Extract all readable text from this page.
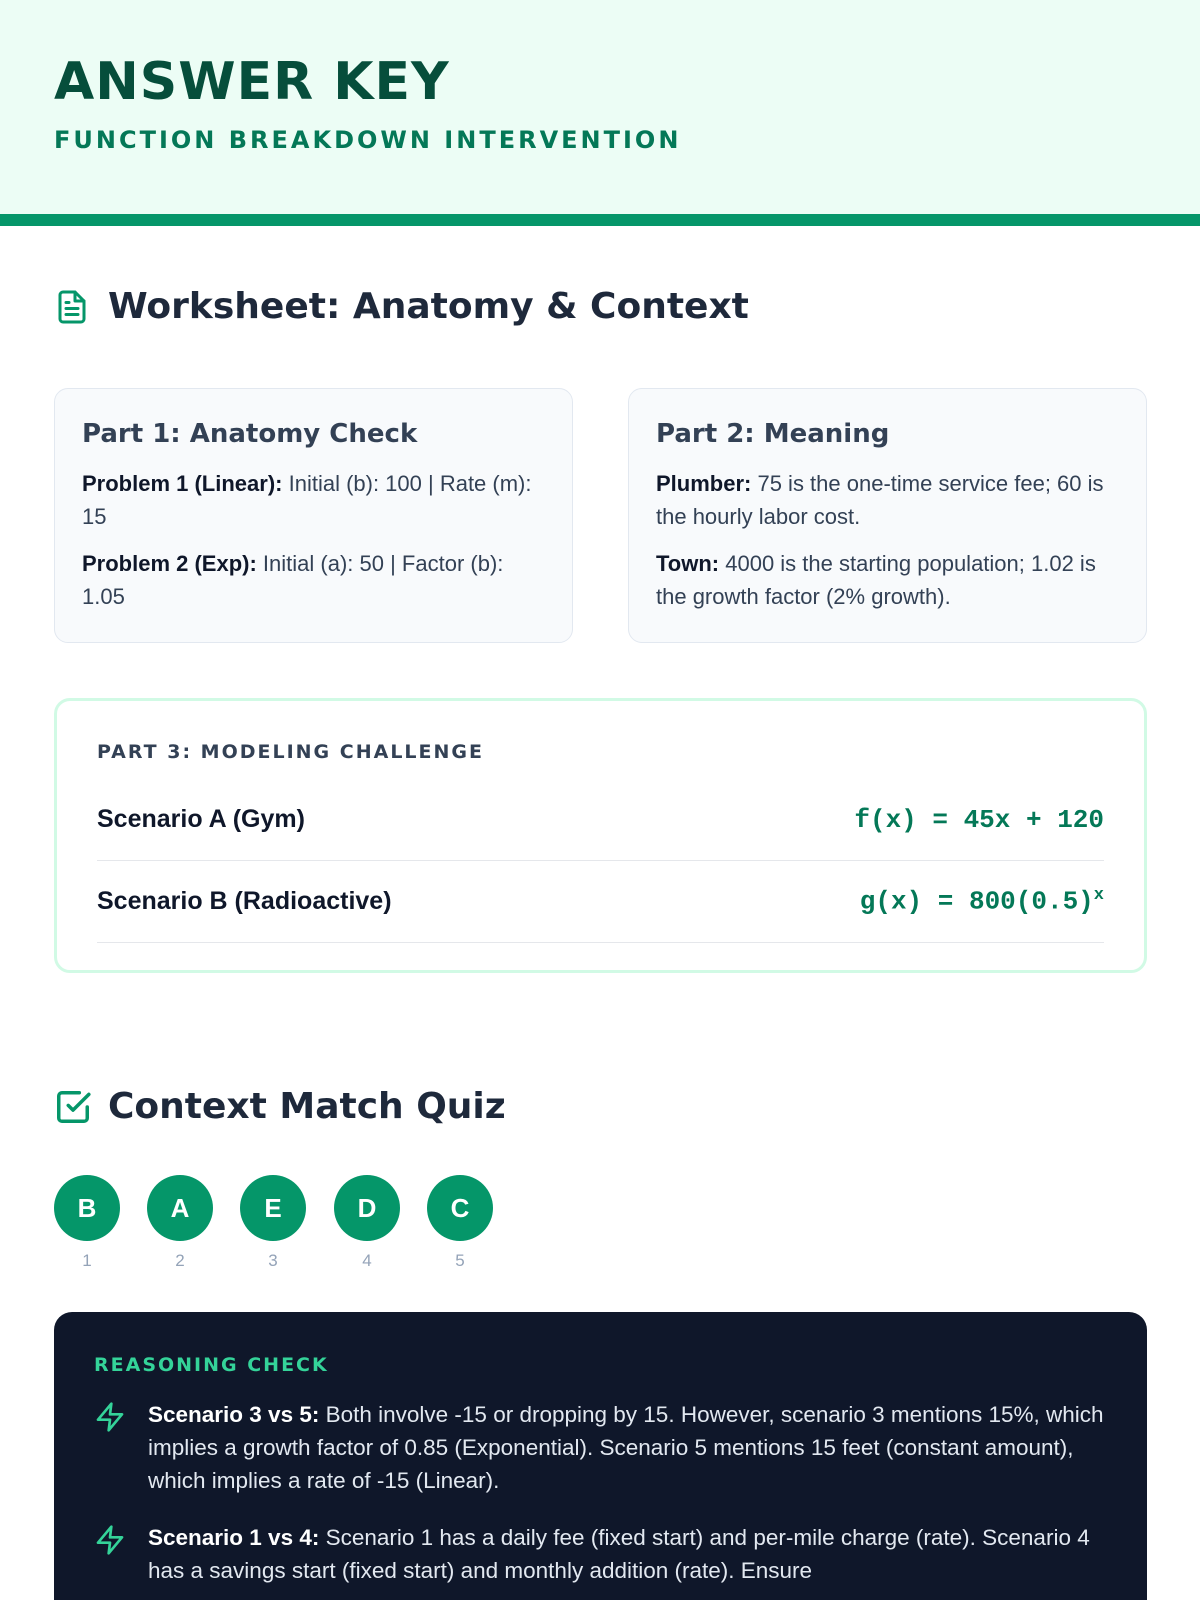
ANSWER KEY
FUNCTION BREAKDOWN INTERVENTION
Worksheet: Anatomy & Context
Part 1: Anatomy Check

Problem 1 (Linear): Initial (b): 100 | Rate (m): 15

Problem 2 (Exp): Initial (a): 50 | Factor (b): 1.05

Part 2: Meaning

Plumber: 75 is the one-time service fee; 60 is the hourly labor cost.

Town: 4000 is the starting population; 1.02 is the growth factor (2% growth).

PART 3: MODELING CHALLENGE
Scenario A (Gym)	f(x) = 45x + 120
Scenario B (Radioactive)	$g(x) = 800(0.5)^x$
Context Match Quiz
B
1
A
2
E
3
D
4
C
5
REASONING CHECK
Scenario 3 vs 5: Both involve -15 or dropping by 15. However, scenario 3 mentions 15%, which implies a growth factor of 0.85 (Exponential). Scenario 5 mentions 15 feet (constant amount), which implies a rate of -15 (Linear).
Scenario 1 vs 4: Scenario 1 has a daily fee (fixed start) and per-mile charge (rate). Scenario 4 has a savings start (fixed start) and monthly addition (rate). Ensure
